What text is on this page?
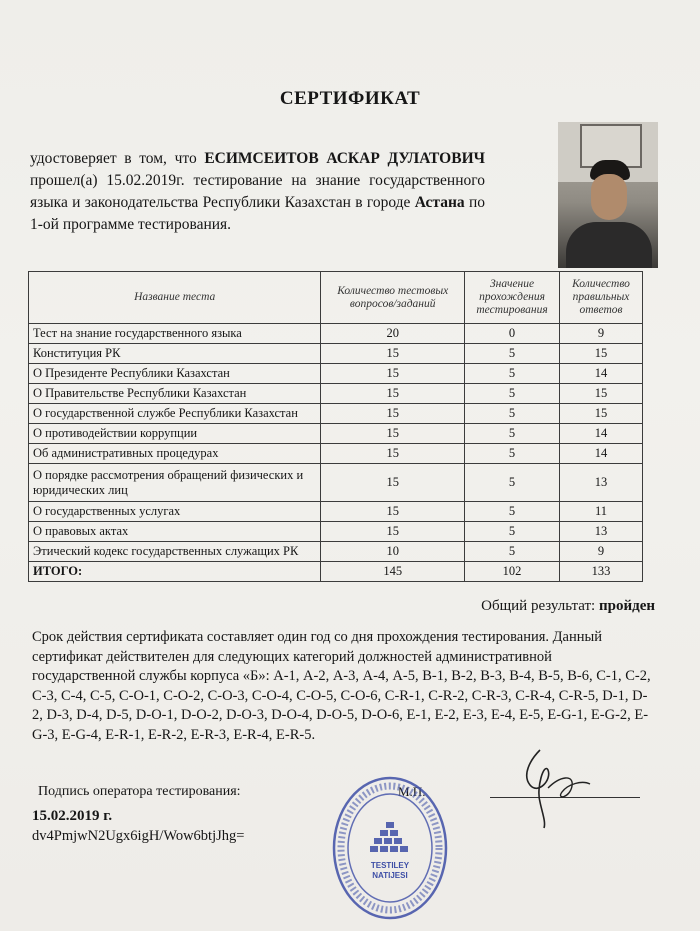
СЕРТИФИКАТ
удостоверяет в том, что ЕСИМСЕИТОВ АСКАР ДУЛАТОВИЧ прошел(а) 15.02.2019г. тестирование на знание государственного языка и законодательства Республики Казахстан в городе Астана по 1-ой программе тестирования.
Название теста	Количество тестовых вопросов/заданий	Значение прохождения тестирования	Количество правильных ответов
Тест на знание государственного языка	20	0	9
Конституция РК	15	5	15
О Президенте Республики Казахстан	15	5	14
О Правительстве Республики Казахстан	15	5	15
О государственной службе Республики Казахстан	15	5	15
О противодействии коррупции	15	5	14
Об административных процедурах	15	5	14
О порядке рассмотрения обращений физических и юридических лиц	15	5	13
О государственных услугах	15	5	11
О правовых актах	15	5	13
Этический кодекс государственных служащих РК	10	5	9
ИТОГО:	145	102	133
Общий результат: пройден
Срок действия сертификата составляет один год со дня прохождения тестирования. Данный сертификат действителен для следующих категорий должностей административной государственной службы корпуса «Б»: А-1, А-2, А-3, А-4, А-5, В-1, В-2, В-3, В-4, В-5, В-6, С-1, С-2, С-3, С-4, С-5, С-О-1, С-О-2, С-О-3, С-О-4, С-О-5, С-О-6, С-R-1, С-R-2, С-R-3, С-R-4, С-R-5, D-1, D-2, D-3, D-4, D-5, D-O-1, D-O-2, D-O-3, D-O-4, D-O-5, D-O-6, E-1, E-2, E-3, E-4, E-5, E-G-1, E-G-2, E-G-3, E-G-4, E-R-1, E-R-2, E-R-3, E-R-4, E-R-5.
Подпись оператора тестирования:
15.02.2019 г.
dv4PmjwN2Ugx6igH/Wow6btjJhg=
М.П.
TESTILEY
NATIJESI
